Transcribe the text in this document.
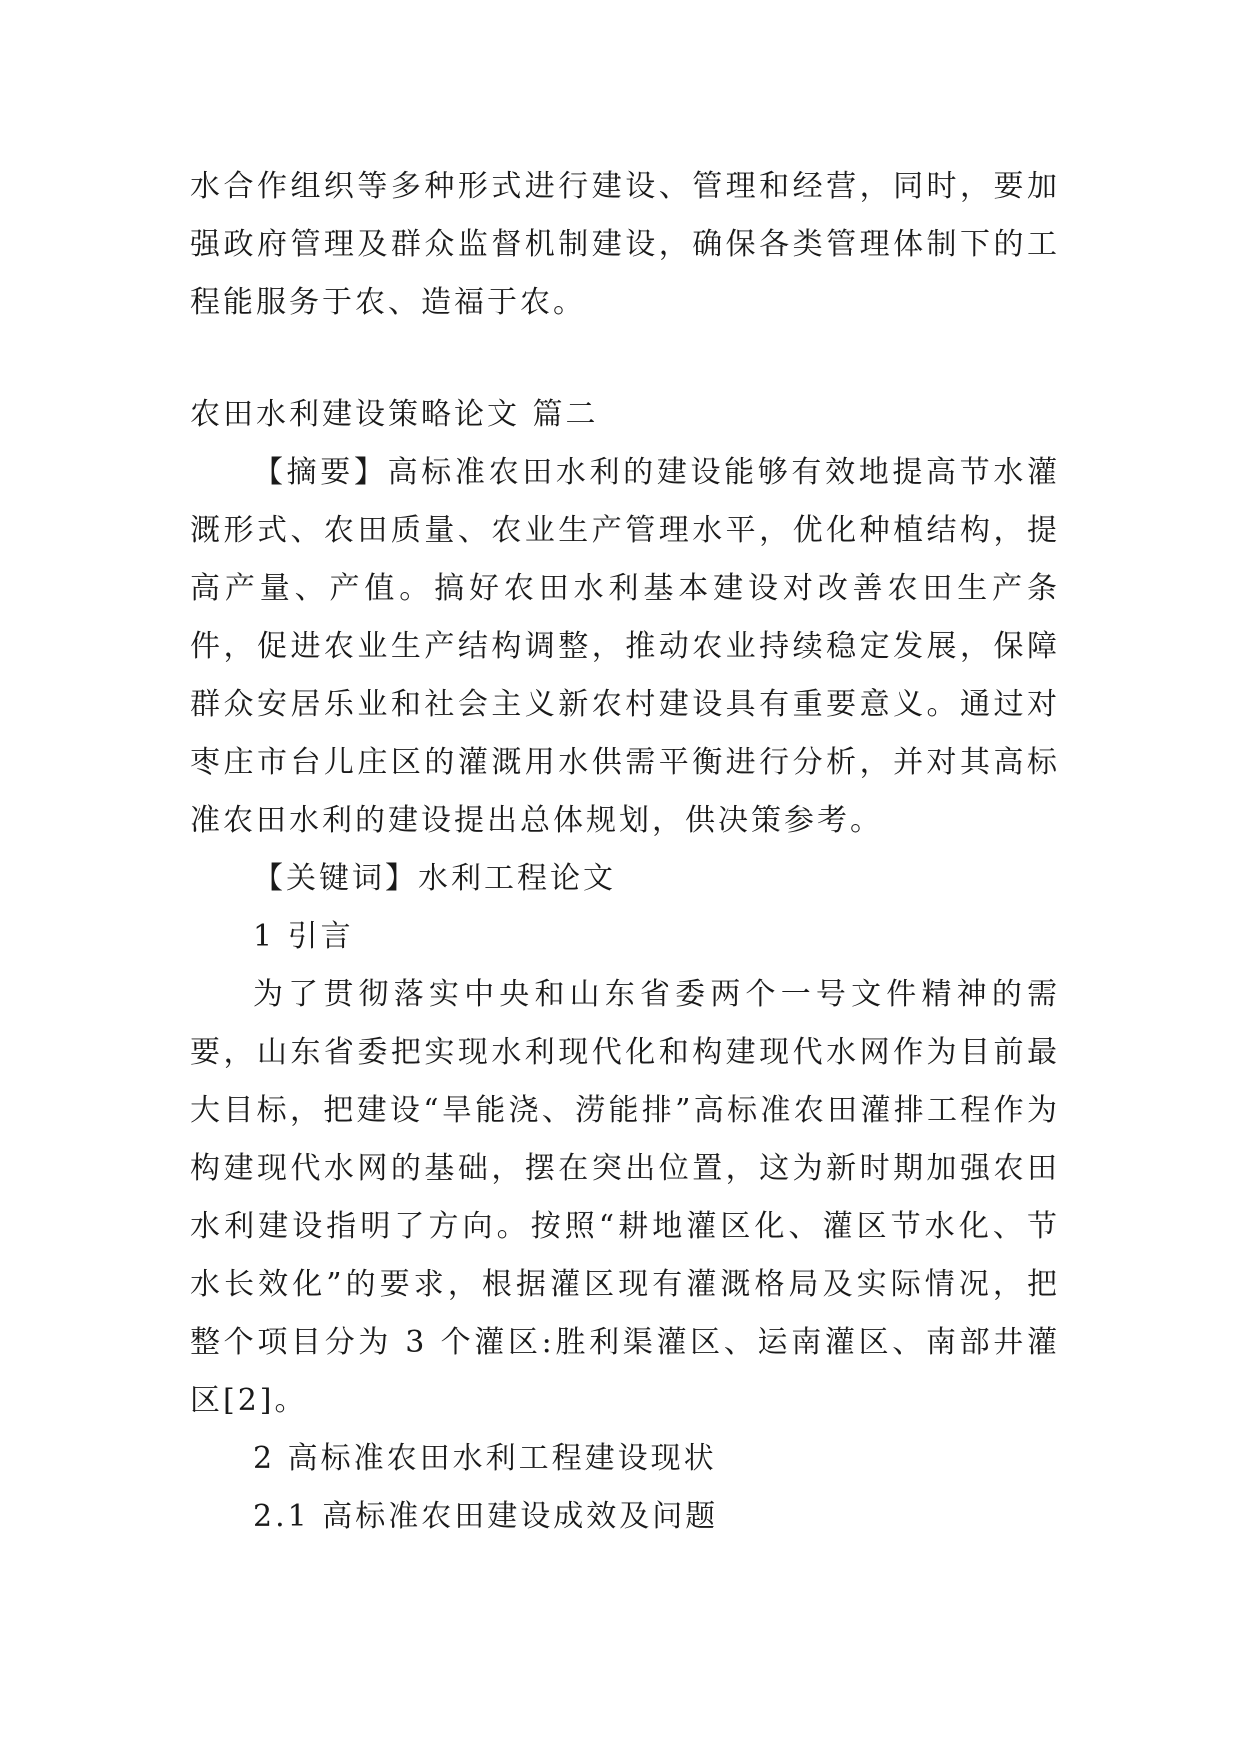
水合作组织等多种形式进行建设、管理和经营，同时，要加强政府管理及群众监督机制建设，确保各类管理体制下的工程能服务于农、造福于农。

农田水利建设策略论文 篇二

【摘要】高标准农田水利的建设能够有效地提高节水灌溉形式、农田质量、农业生产管理水平，优化种植结构，提高产量、产值。搞好农田水利基本建设对改善农田生产条件，促进农业生产结构调整，推动农业持续稳定发展，保障群众安居乐业和社会主义新农村建设具有重要意义。通过对枣庄市台儿庄区的灌溉用水供需平衡进行分析，并对其高标准农田水利的建设提出总体规划，供决策参考。

【关键词】水利工程论文

1 引言

为了贯彻落实中央和山东省委两个一号文件精神的需要，山东省委把实现水利现代化和构建现代水网作为目前最大目标，把建设“旱能浇、涝能排”高标准农田灌排工程作为构建现代水网的基础，摆在突出位置，这为新时期加强农田水利建设指明了方向。按照“耕地灌区化、灌区节水化、节水长效化”的要求，根据灌区现有灌溉格局及实际情况，把整个项目分为 3 个灌区:胜利渠灌区、运南灌区、南部井灌区[2]。

2 高标准农田水利工程建设现状

2.1 高标准农田建设成效及问题
